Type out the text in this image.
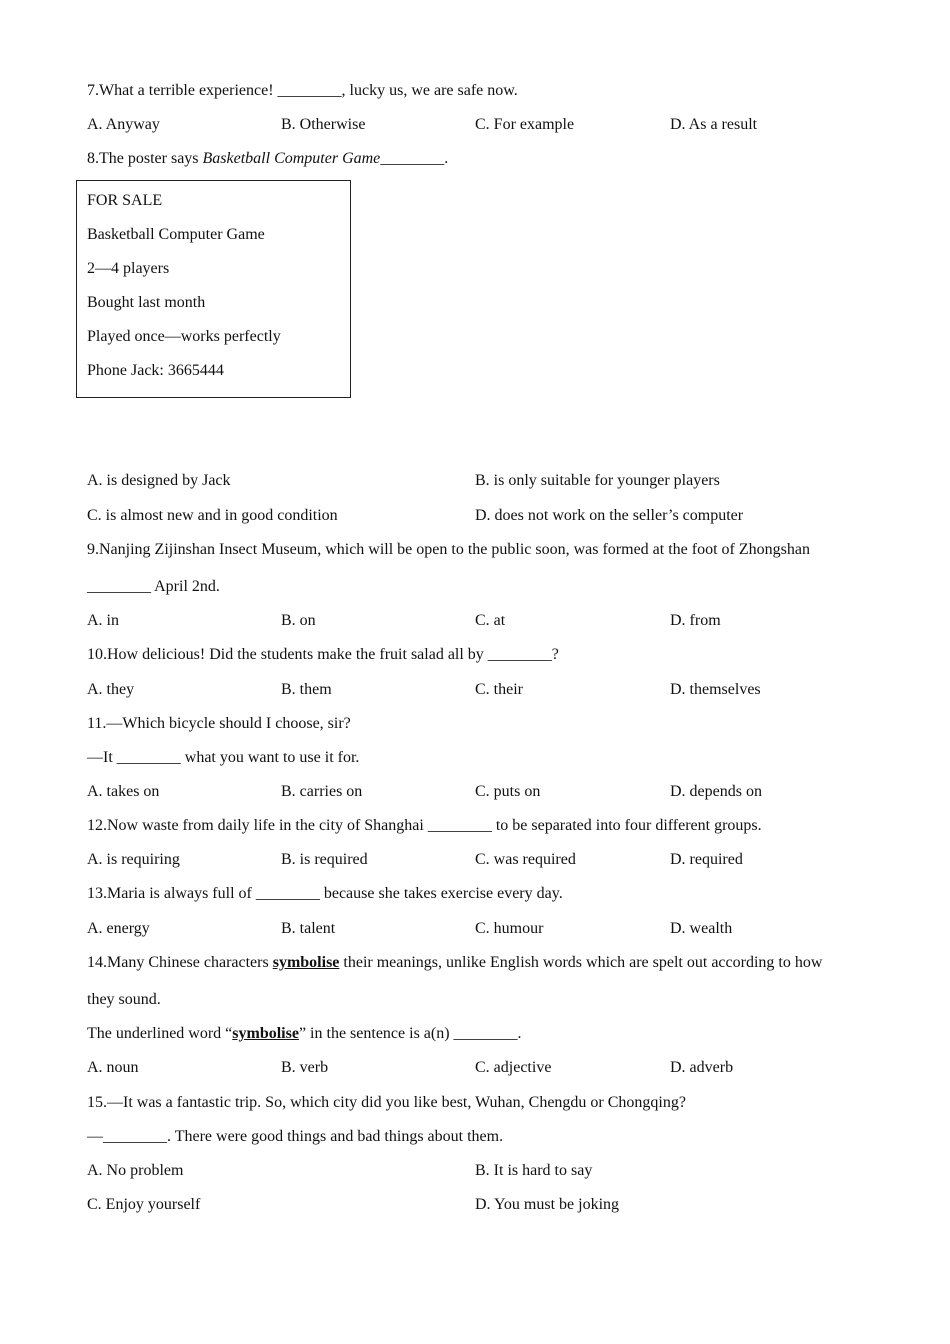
7.What a terrible experience! ________, lucky us, we are safe now.
A. Anyway	B. Otherwise	C. For example	D. As a result
8.The poster says Basketball Computer Game________.
FOR SALE
Basketball Computer Game
2—4 players
Bought last month
Played once—works perfectly
Phone Jack: 3665444
A. is designed by Jack	B. is only suitable for younger players
C. is almost new and in good condition	D. does not work on the seller’s computer
9.Nanjing Zijinshan Insect Museum, which will be open to the public soon, was formed at the foot of Zhongshan
________ April 2nd.
A. in	B. on	C. at	D. from
10.How delicious! Did the students make the fruit salad all by ________?
A. they	B. them	C. their	D. themselves
11.—Which bicycle should I choose, sir?
—It ________ what you want to use it for.
A. takes on	B. carries on	C. puts on	D. depends on
12.Now waste from daily life in the city of Shanghai ________ to be separated into four different groups.
A. is requiring	B. is required	C. was required	D. required
13.Maria is always full of ________ because she takes exercise every day.
A. energy	B. talent	C. humour	D. wealth
14.Many Chinese characters symbolise their meanings, unlike English words which are spelt out according to how
they sound.
The underlined word “symbolise” in the sentence is a(n) ________.
A. noun	B. verb	C. adjective	D. adverb
15.—It was a fantastic trip. So, which city did you like best, Wuhan, Chengdu or Chongqing?
—________. There were good things and bad things about them.
A. No problem	B. It is hard to say
C. Enjoy yourself	D. You must be joking
